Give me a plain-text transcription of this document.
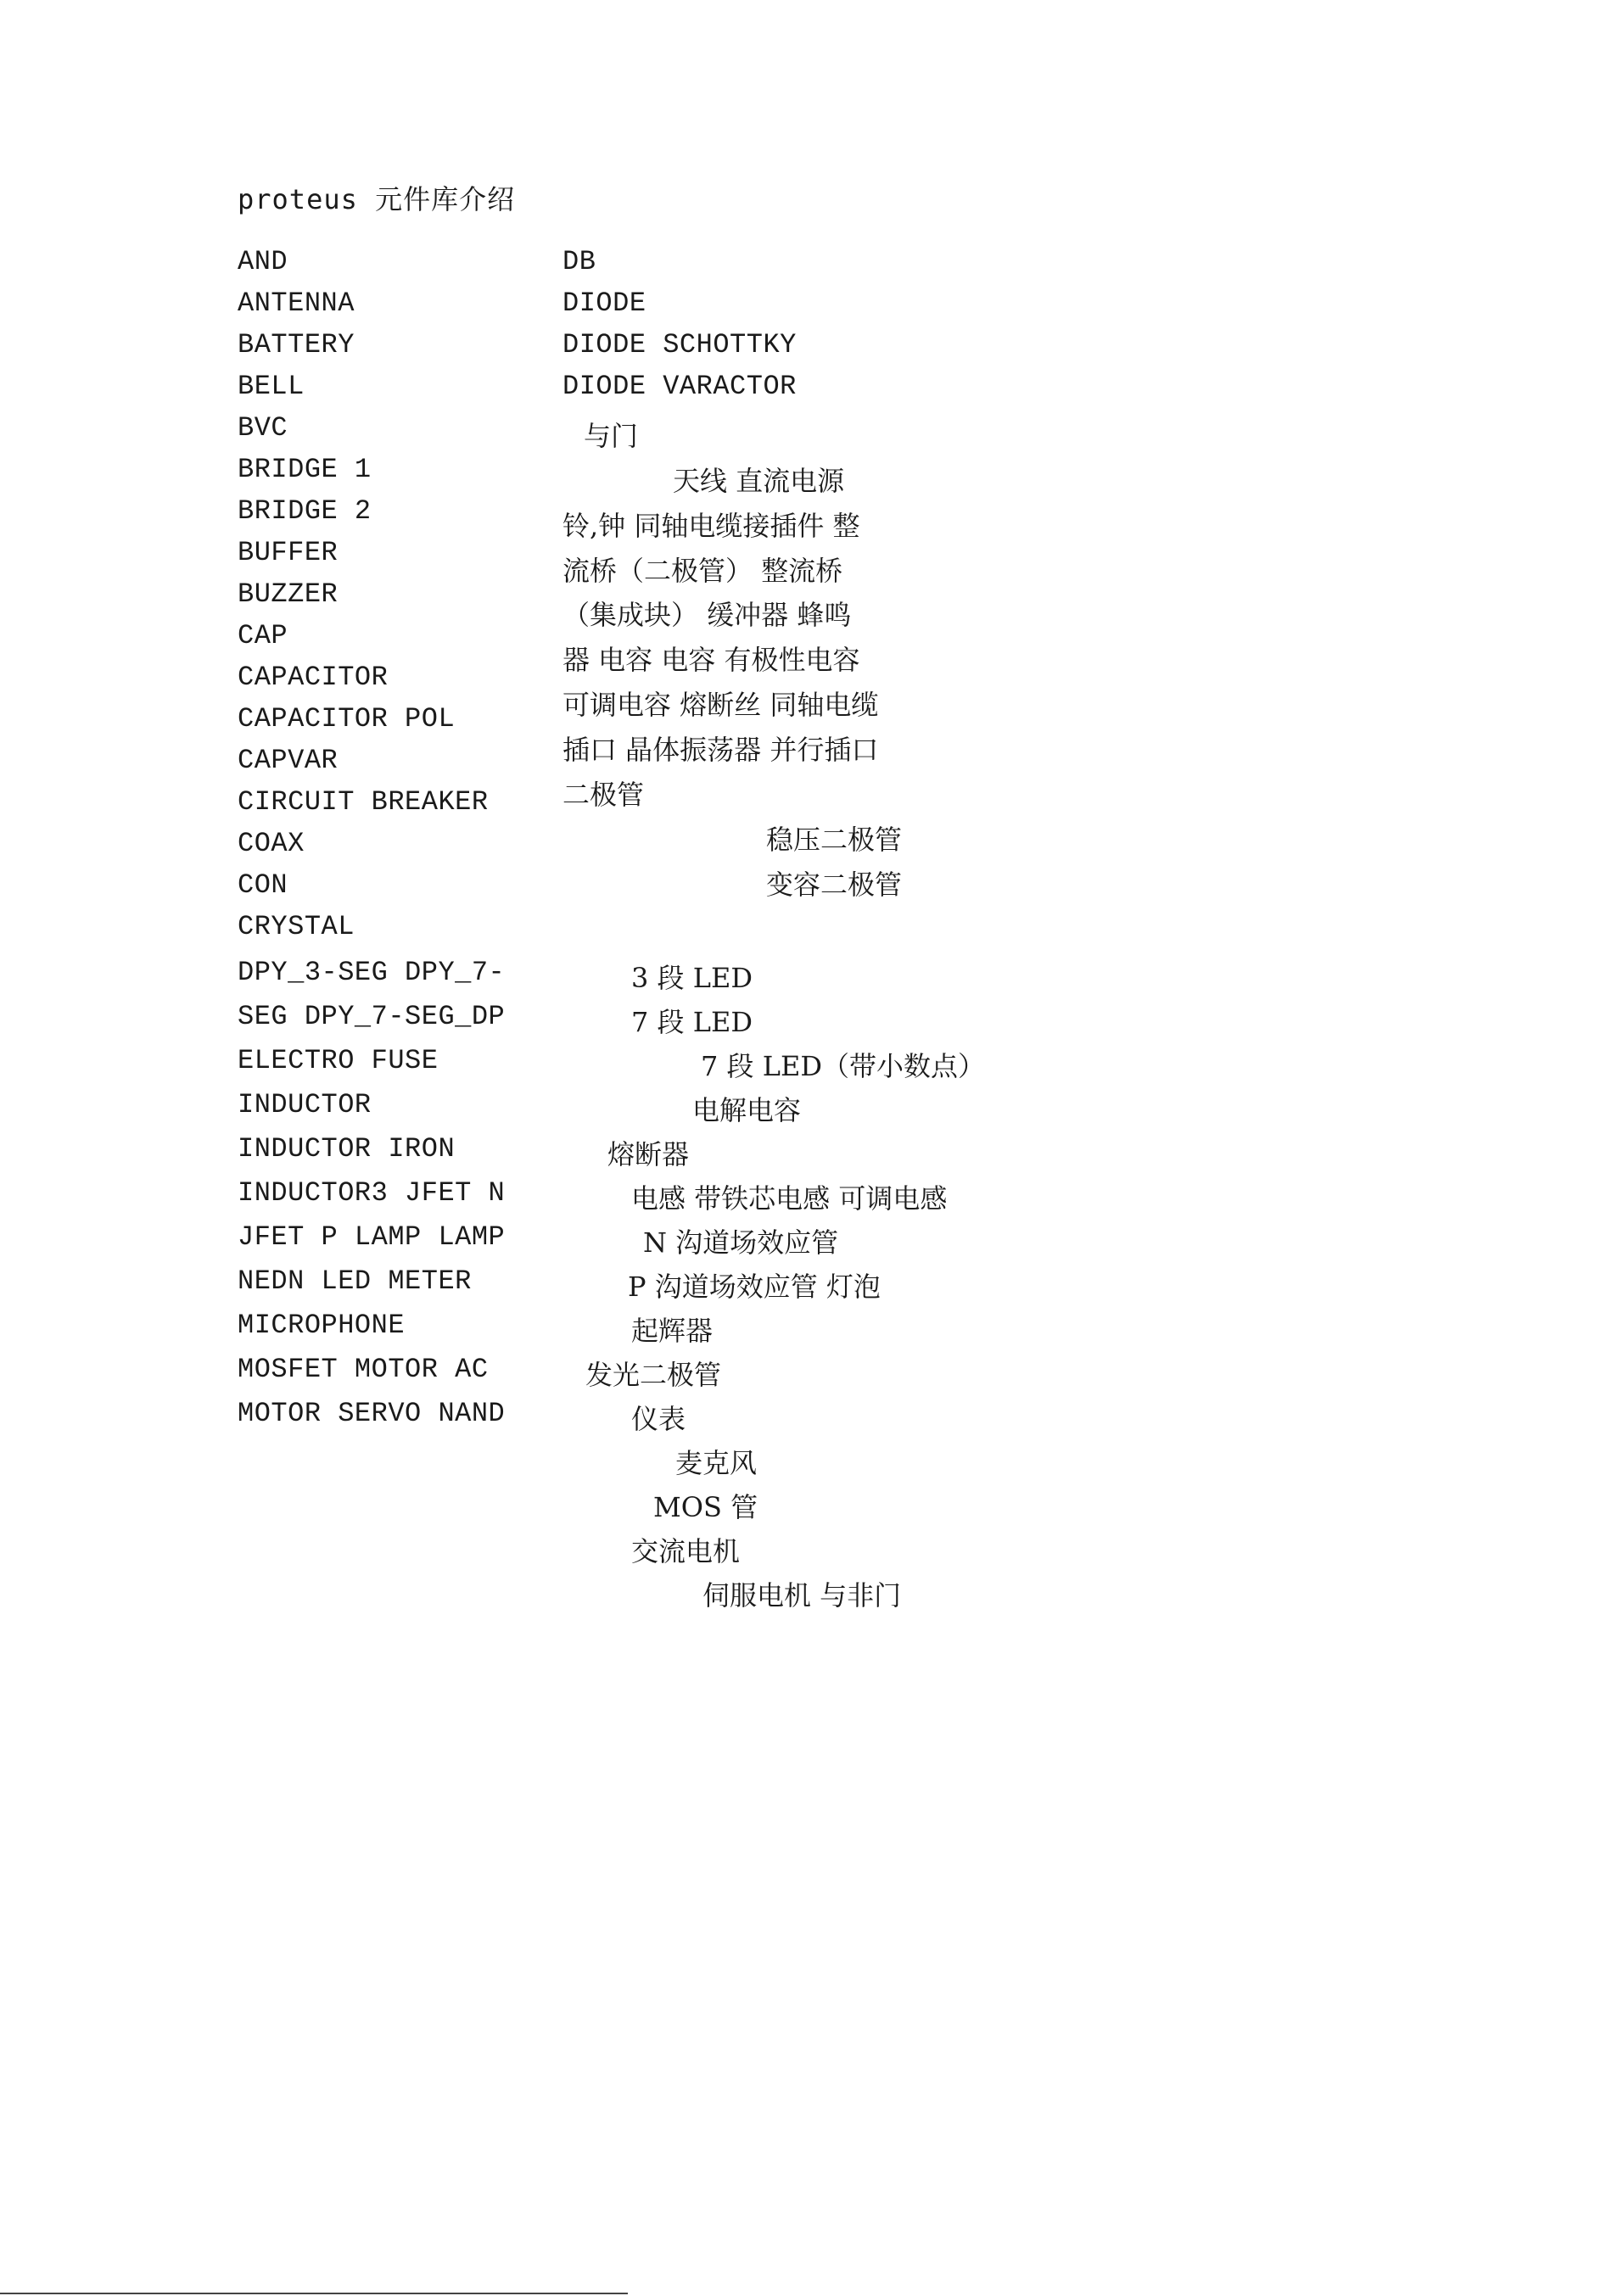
proteus 元件库介绍
AND
ANTENNA
BATTERY
BELL
BVC
BRIDGE 1
BRIDGE 2
BUFFER
BUZZER
CAP
CAPACITOR
CAPACITOR POL
CAPVAR
CIRCUIT BREAKER
COAX
CON
CRYSTAL
DPY_3-SEG DPY_7-
SEG DPY_7-SEG_DP
ELECTRO FUSE
INDUCTOR
INDUCTOR IRON
INDUCTOR3 JFET N
JFET P LAMP LAMP
NEDN LED METER
MICROPHONE
MOSFET MOTOR AC
MOTOR SERVO NAND
DB
DIODE
DIODE SCHOTTKY
DIODE VARACTOR
与门
天线 直流电源
铃,钟 同轴电缆接插件 整
流桥（二极管） 整流桥
（集成块） 缓冲器 蜂鸣
器 电容 电容 有极性电容
可调电容 熔断丝 同轴电缆
插口 晶体振荡器 并行插口
二极管
稳压二极管
变容二极管
3 段 LED
7 段 LED
7 段 LED（带小数点）
电解电容
熔断器
电感 带铁芯电感 可调电感
N 沟道场效应管
P 沟道场效应管 灯泡
起辉器
发光二极管
仪表
麦克风
MOS 管
交流电机
伺服电机 与非门
